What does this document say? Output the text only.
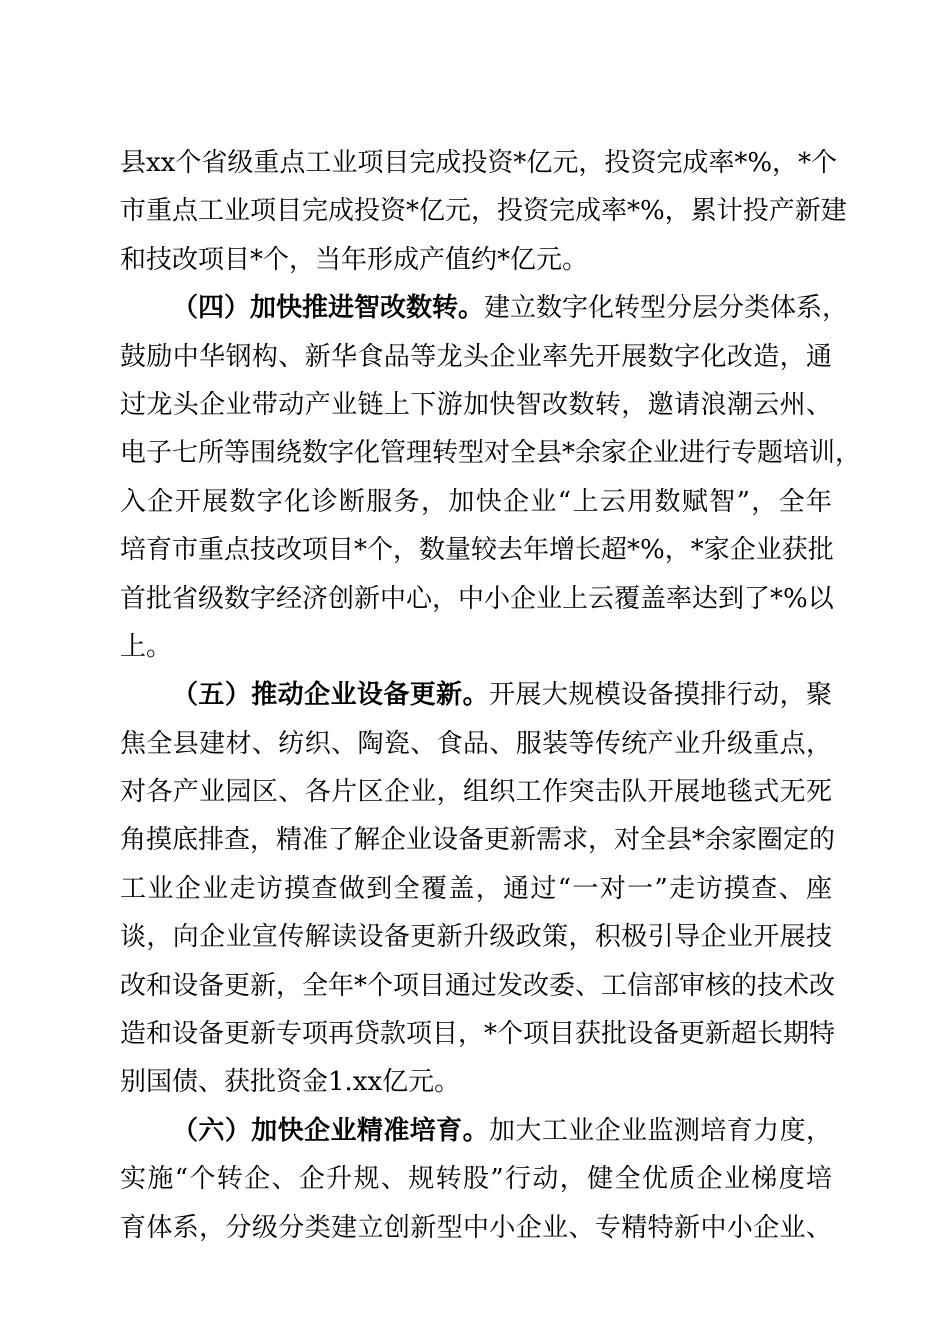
县xx个省级重点工业项目完成投资*亿元，投资完成率*%，*个
市重点工业项目完成投资*亿元，投资完成率*%，累计投产新建
和技改项目*个，当年形成产值约*亿元。
（四）加快推进智改数转。建立数字化转型分层分类体系，
鼓励中华钢构、新华食品等龙头企业率先开展数字化改造，通
过龙头企业带动产业链上下游加快智改数转，邀请浪潮云州、
电子七所等围绕数字化管理转型对全县*余家企业进行专题培训，
入企开展数字化诊断服务，加快企业“上云用数赋智”，全年
培育市重点技改项目*个，数量较去年增长超*%，*家企业获批
首批省级数字经济创新中心，中小企业上云覆盖率达到了*%以
上。
（五）推动企业设备更新。开展大规模设备摸排行动，聚
焦全县建材、纺织、陶瓷、食品、服装等传统产业升级重点，
对各产业园区、各片区企业，组织工作突击队开展地毯式无死
角摸底排查，精准了解企业设备更新需求，对全县*余家圈定的
工业企业走访摸查做到全覆盖，通过“一对一”走访摸查、座
谈，向企业宣传解读设备更新升级政策，积极引导企业开展技
改和设备更新，全年*个项目通过发改委、工信部审核的技术改
造和设备更新专项再贷款项目，*个项目获批设备更新超长期特
别国债、获批资金1.xx亿元。
（六）加快企业精准培育。加大工业企业监测培育力度，
实施“个转企、企升规、规转股”行动，健全优质企业梯度培
育体系，分级分类建立创新型中小企业、专精特新中小企业、
